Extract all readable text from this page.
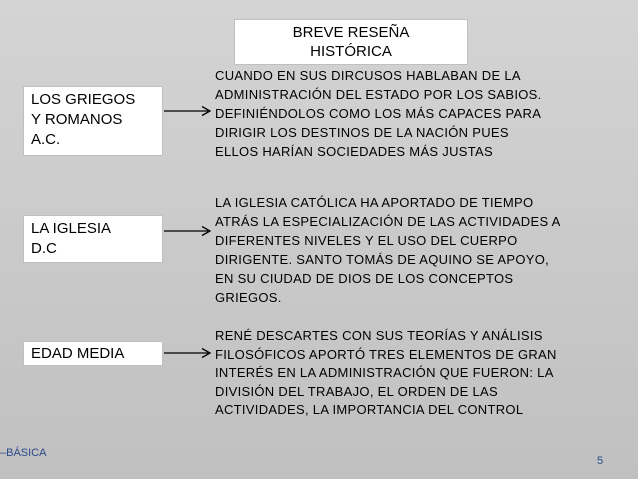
BREVE RESEÑA
HISTÓRICA
LOS GRIEGOS
Y ROMANOS
A.C.
CUANDO EN SUS DIRCUSOS HABLABAN DE LA
ADMINISTRACIÓN DEL ESTADO POR LOS SABIOS.
DEFINIÉNDOLOS COMO LOS MÁS CAPACES PARA
DIRIGIR LOS DESTINOS DE LA NACIÓN PUES
ELLOS HARÍAN SOCIEDADES MÁS JUSTAS
LA IGLESIA
D.C
LA IGLESIA CATÓLICA HA APORTADO DE TIEMPO
ATRÁS LA ESPECIALIZACIÓN DE LAS ACTIVIDADES A
DIFERENTES NIVELES Y EL USO DEL CUERPO
DIRIGENTE. SANTO TOMÁS DE AQUINO SE APOYO,
EN SU CIUDAD DE DIOS DE LOS CONCEPTOS
GRIEGOS.
EDAD MEDIA
RENÉ DESCARTES CON SUS TEORÍAS Y ANÁLISIS
FILOSÓFICOS APORTÓ TRES ELEMENTOS DE GRAN
INTERÉS EN LA ADMINISTRACIÓN QUE FUERON: LA
DIVISIÓN DEL TRABAJO, EL ORDEN DE LAS
ACTIVIDADES, LA IMPORTANCIA DEL CONTROL
–BÁSICA
5
